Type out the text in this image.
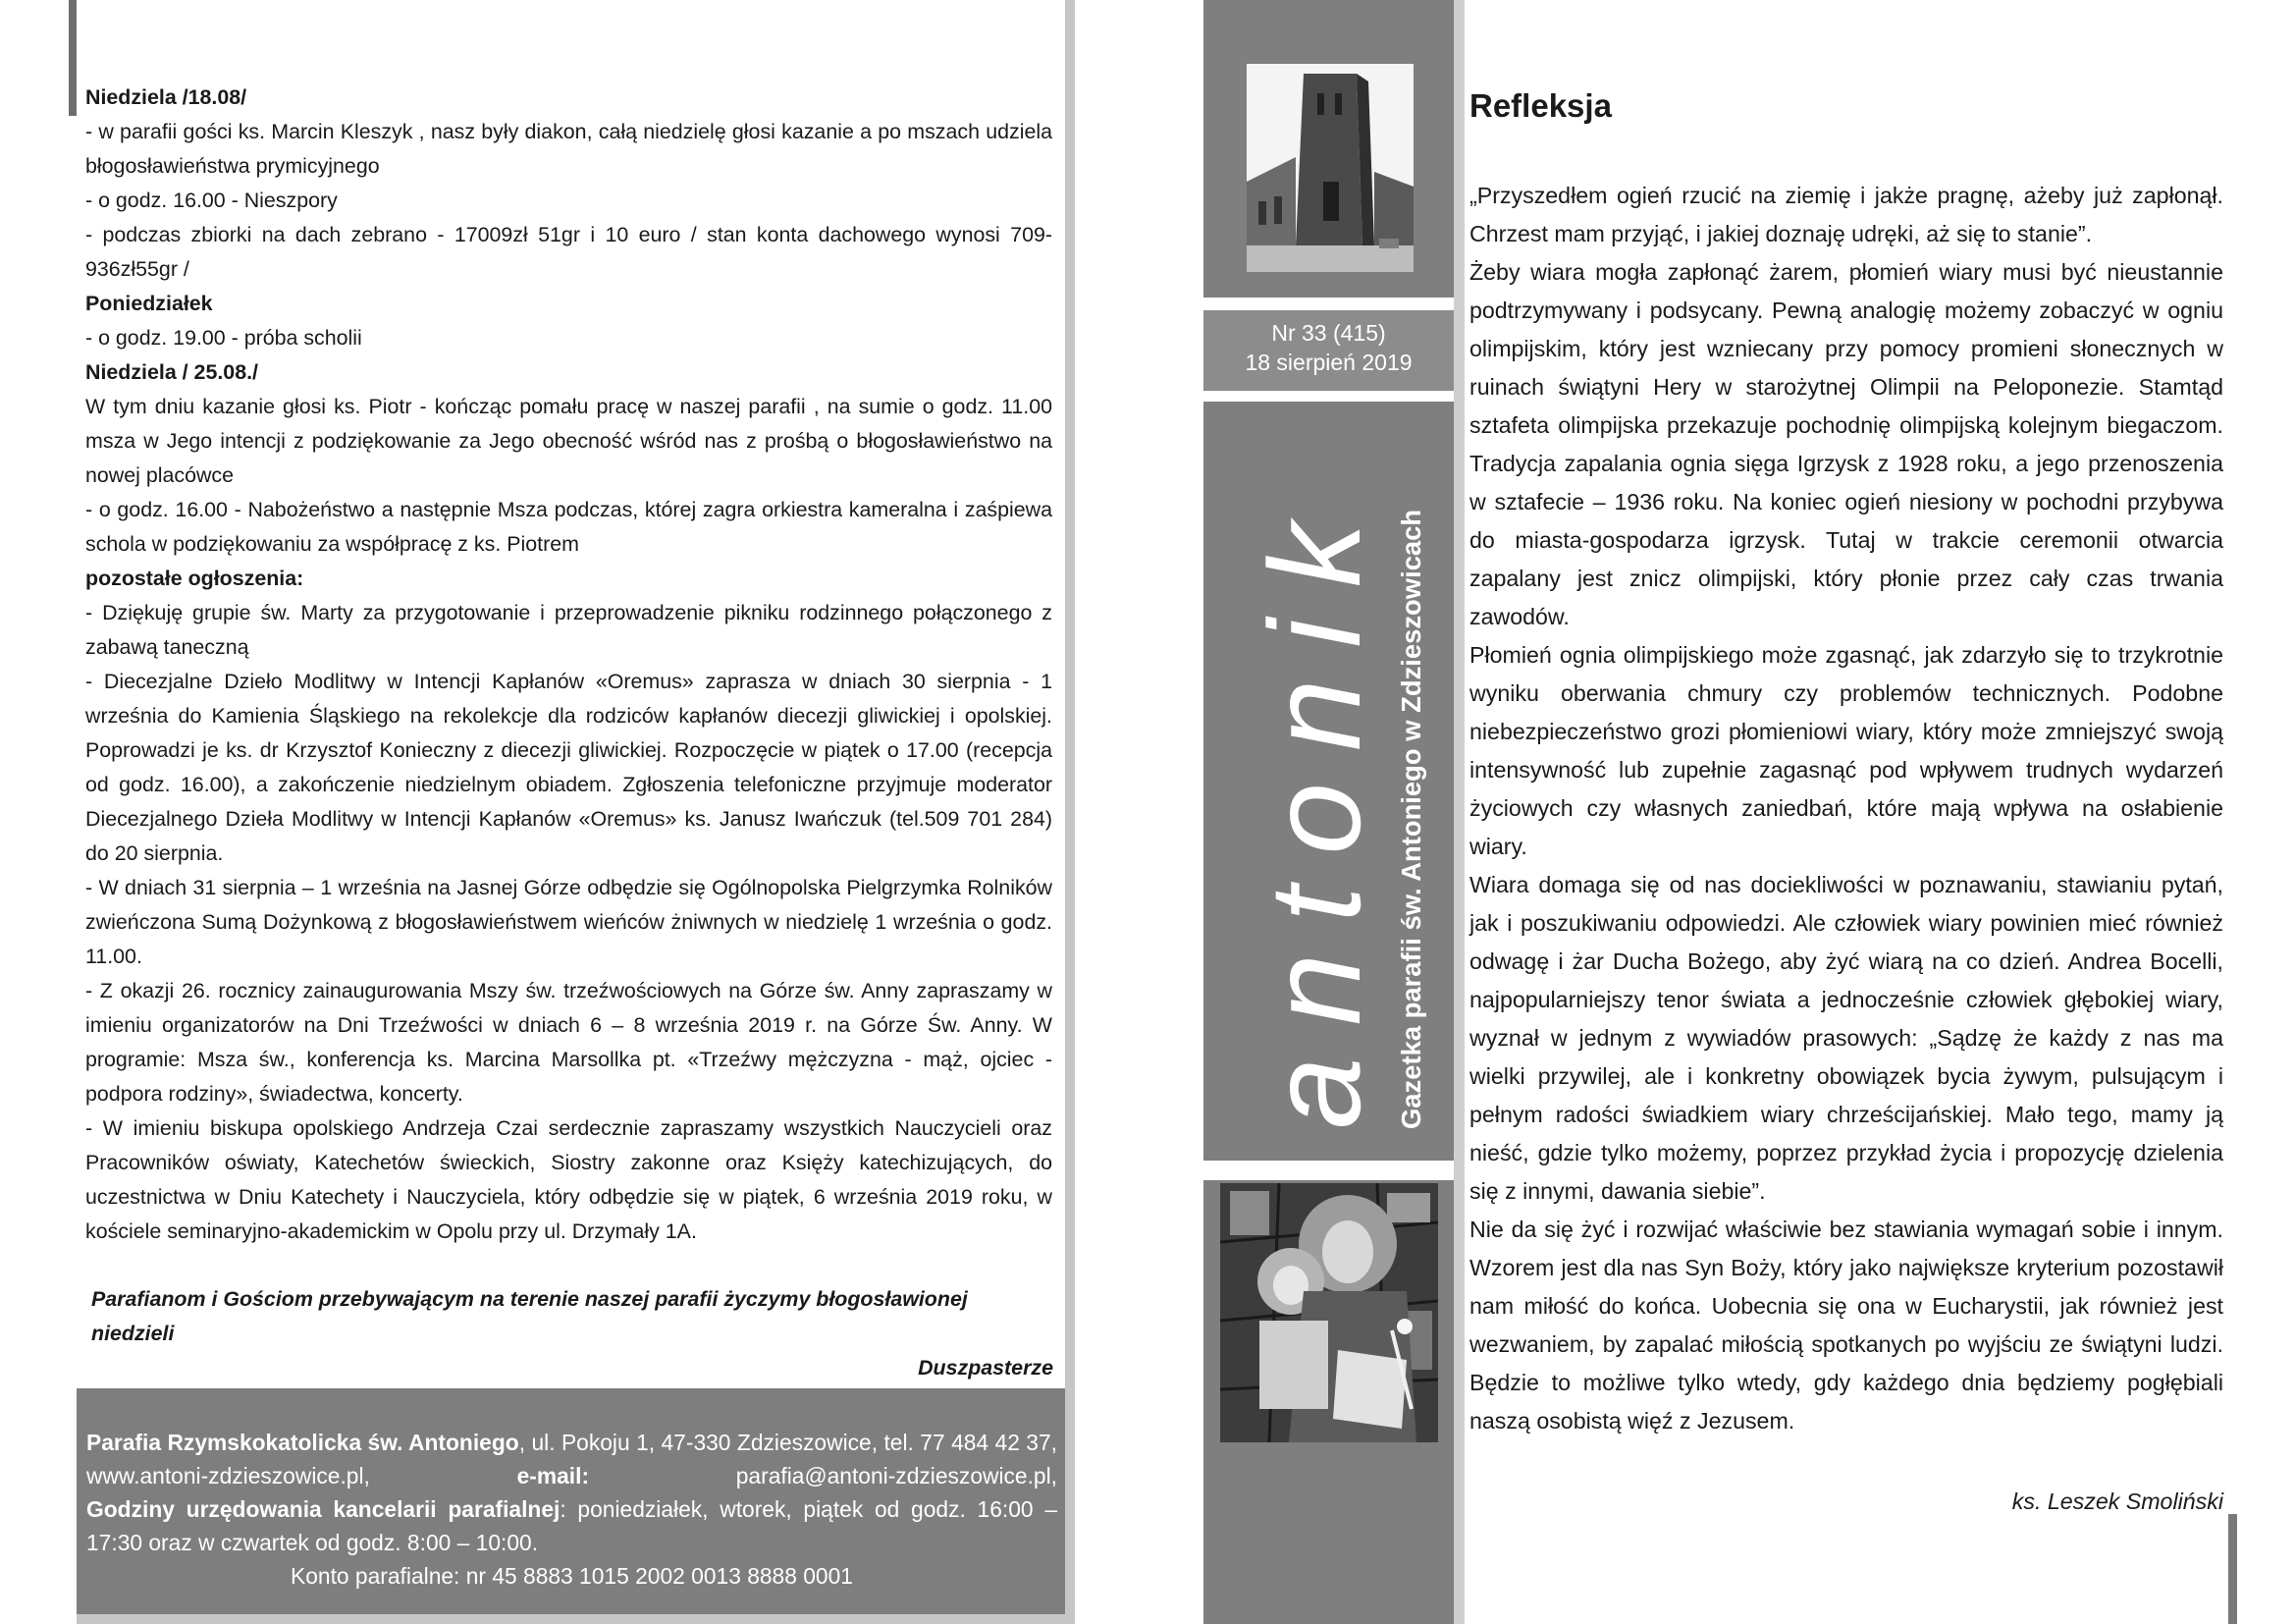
Niedziela /18.08/

- w parafii gości ks. Marcin Kleszyk , nasz były diakon, całą niedzielę głosi kazanie a po mszach udziela błogosławieństwa prymicyjnego

- o godz. 16.00 - Nieszpory

- podczas zbiorki na dach zebrano - 17009zł 51gr i 10 euro / stan konta dachowego wynosi 709-936zł55gr /

Poniedziałek

- o godz. 19.00 - próba scholii

Niedziela / 25.08./

W tym dniu kazanie głosi ks. Piotr - kończąc pomału pracę w naszej parafii , na sumie o godz. 11.00 msza w Jego intencji z podziękowanie za Jego obecność wśród nas z prośbą o błogosławieństwo na nowej placówce

- o godz. 16.00 - Nabożeństwo a następnie Msza podczas, której zagra orkiestra kameralna i zaśpiewa schola w podziękowaniu za współpracę z ks. Piotrem

pozostałe ogłoszenia:

- Dziękuję grupie św. Marty za przygotowanie i przeprowadzenie pikniku rodzinnego połączonego z zabawą taneczną

- Diecezjalne Dzieło Modlitwy w Intencji Kapłanów «Oremus» zaprasza w dniach 30 sierpnia - 1 września do Kamienia Śląskiego na rekolekcje dla rodziców kapłanów diecezji gliwickiej i opolskiej. Poprowadzi je ks. dr Krzysztof Konieczny z diecezji gliwickiej. Rozpoczęcie w piątek o 17.00 (recepcja od godz. 16.00), a zakończenie niedzielnym obiadem. Zgłoszenia telefoniczne przyjmuje moderator Diecezjalnego Dzieła Modlitwy w Intencji Kapłanów «Oremus» ks. Janusz Iwańczuk (tel.509 701 284) do 20 sierpnia.

- W dniach 31 sierpnia – 1 września na Jasnej Górze odbędzie się Ogólnopolska Pielgrzymka Rolników zwieńczona Sumą Dożynkową z błogosławieństwem wieńców żniwnych w niedzielę 1 września o godz. 11.00.

- Z okazji 26. rocznicy zainaugurowania Mszy św. trzeźwościowych na Górze św. Anny zapraszamy w imieniu organizatorów na Dni Trzeźwości w dniach 6 – 8 września 2019 r. na Górze Św. Anny. W programie: Msza św., konferencja ks. Marcina Marsollka pt. «Trzeźwy mężczyzna - mąż, ojciec - podpora rodziny», świadectwa, koncerty.

- W imieniu biskupa opolskiego Andrzeja Czai serdecznie zapraszamy wszystkich Nauczycieli oraz Pracowników oświaty, Katechetów świeckich, Siostry zakonne oraz Księży katechizujących, do uczestnictwa w Dniu Katechety i Nauczyciela, który odbędzie się w piątek, 6 września 2019 roku, w kościele seminaryjno-akademickim w Opolu przy ul. Drzymały 1A.

Parafianom i Gościom przebywającym na terenie naszej parafii życzymy błogosławionej niedzieli

Duszpasterze

Parafia Rzymskokatolicka św. Antoniego, ul. Pokoju 1, 47-330 Zdzieszowice, tel. 77 484 42 37, www.antoni-zdzieszowice.pl, e-mail: parafia@antoni-zdzieszowice.pl,

Godziny urzędowania kancelarii parafialnej: poniedziałek, wtorek, piątek od godz. 16:00 – 17:30 oraz w czwartek od godz. 8:00 – 10:00.

Konto parafialne: nr 45 8883 1015 2002 0013 8888 0001

Nr 33 (415)

18 sierpień 2019

antonik Gazetka parafii św. Antoniego w Zdzieszowicach
Refleksja

„Przyszedłem ogień rzucić na ziemię i jakże pragnę, ażeby już zapłonął. Chrzest mam przyjąć, i jakiej doznaję udręki, aż się to stanie”.

Żeby wiara mogła zapłonąć żarem, płomień wiary musi być nieustannie podtrzymywany i podsycany. Pewną analogię możemy zobaczyć w ogniu olimpijskim, który jest wzniecany przy pomocy promieni słonecznych w ruinach świątyni Hery w starożytnej Olimpii na Peloponezie. Stamtąd sztafeta olimpijska przekazuje pochodnię olimpijską kolejnym biegaczom. Tradycja zapalania ognia sięga Igrzysk z 1928 roku, a jego przenoszenia w sztafecie – 1936 roku. Na koniec ogień niesiony w pochodni przybywa do miasta-gospodarza igrzysk. Tutaj w trakcie ceremonii otwarcia zapalany jest znicz olimpijski, który płonie przez cały czas trwania zawodów.

Płomień ognia olimpijskiego może zgasnąć, jak zdarzyło się to trzykrotnie wyniku oberwania chmury czy problemów technicznych. Podobne niebezpieczeństwo grozi płomieniowi wiary, który może zmniejszyć swoją intensywność lub zupełnie zagasnąć pod wpływem trudnych wydarzeń życiowych czy własnych zaniedbań, które mają wpływa na osłabienie wiary.

Wiara domaga się od nas dociekliwości w poznawaniu, stawianiu pytań, jak i poszukiwaniu odpowiedzi. Ale człowiek wiary powinien mieć również odwagę i żar Ducha Bożego, aby żyć wiarą na co dzień. Andrea Bocelli, najpopularniejszy tenor świata a jednocześnie człowiek głębokiej wiary, wyznał w jednym z wywiadów prasowych: „Sądzę że każdy z nas ma wielki przywilej, ale i konkretny obowiązek bycia żywym, pulsującym i pełnym radości świadkiem wiary chrześcijańskiej. Mało tego, mamy ją nieść, gdzie tylko możemy, poprzez przykład życia i propozycję dzielenia się z innymi, dawania siebie”.

Nie da się żyć i rozwijać właściwie bez stawiania wymagań sobie i innym. Wzorem jest dla nas Syn Boży, który jako największe kryterium pozostawił nam miłość do końca. Uobecnia się ona w Eucharystii, jak również jest wezwaniem, by zapalać miłością spotkanych po wyjściu ze świątyni ludzi. Będzie to możliwe tylko wtedy, gdy każdego dnia będziemy pogłębiali naszą osobistą więź z Jezusem.

ks. Leszek Smoliński
